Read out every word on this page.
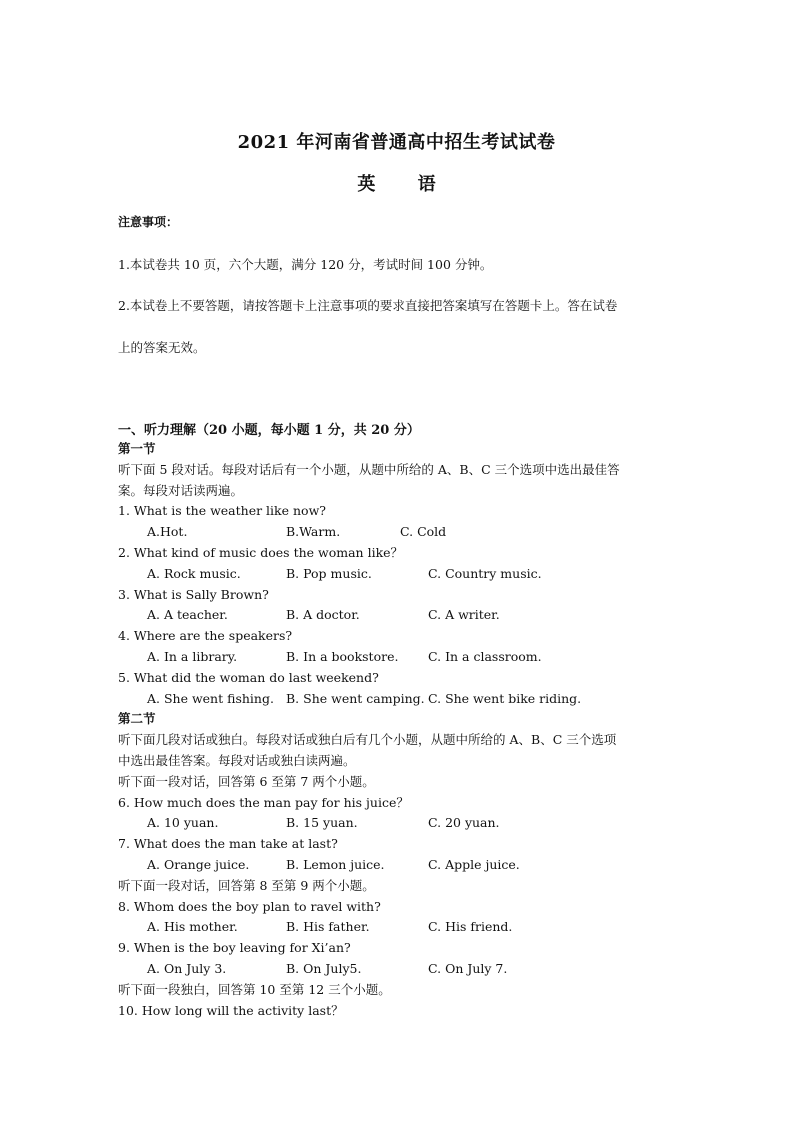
2021 年河南省普通高中招生考试试卷
英 语
注意事项：
1.本试卷共 10 页，六个大题，满分 120 分，考试时间 100 分钟。
2.本试卷上不要答题，请按答题卡上注意事项的要求直接把答案填写在答题卡上。答在试卷
上的答案无效。
一、听力理解（20 小题，每小题 1 分，共 20 分）
第一节
听下面 5 段对话。每段对话后有一个小题，从题中所给的 A、B、C 三个选项中选出最佳答
案。每段对话读两遍。
1. What is the weather like now?
A.Hot.	B.Warm.	C. Cold
2. What kind of music does the woman like？
A. Rock music.	B. Pop music.	C. Country music.
3. What is Sally Brown?
A. A teacher.	B. A doctor.	C. A writer.
4. Where are the speakers?
A. In a library.	B. In a bookstore. C. In a classroom.
5. What did the woman do last weekend?
A. She went fishing. B. She went camping. C. She went bike riding.
第二节
听下面几段对话或独白。每段对话或独白后有几个小题，从题中所给的 A、B、C 三个选项
中选出最佳答案。每段对话或独白读两遍。
听下面一段对话，回答第 6 至第 7 两个小题。
6. How much does the man pay for his juice？
A. 10 yuan.	B. 15 yuan.	C. 20 yuan.
7. What does the man take at last?
A. Orange juice.	B. Lemon juice.	C. Apple juice.
听下面一段对话，回答第 8 至第 9 两个小题。
8. Whom does the boy plan to ravel with?
A. His mother.	B. His father.	C. His friend.
9. When is the boy leaving for Xi’an?
A. On July 3.	B. On July5.	C. On July 7.
听下面一段独白，回答第 10 至第 12 三个小题。
10. How long will the activity last？
